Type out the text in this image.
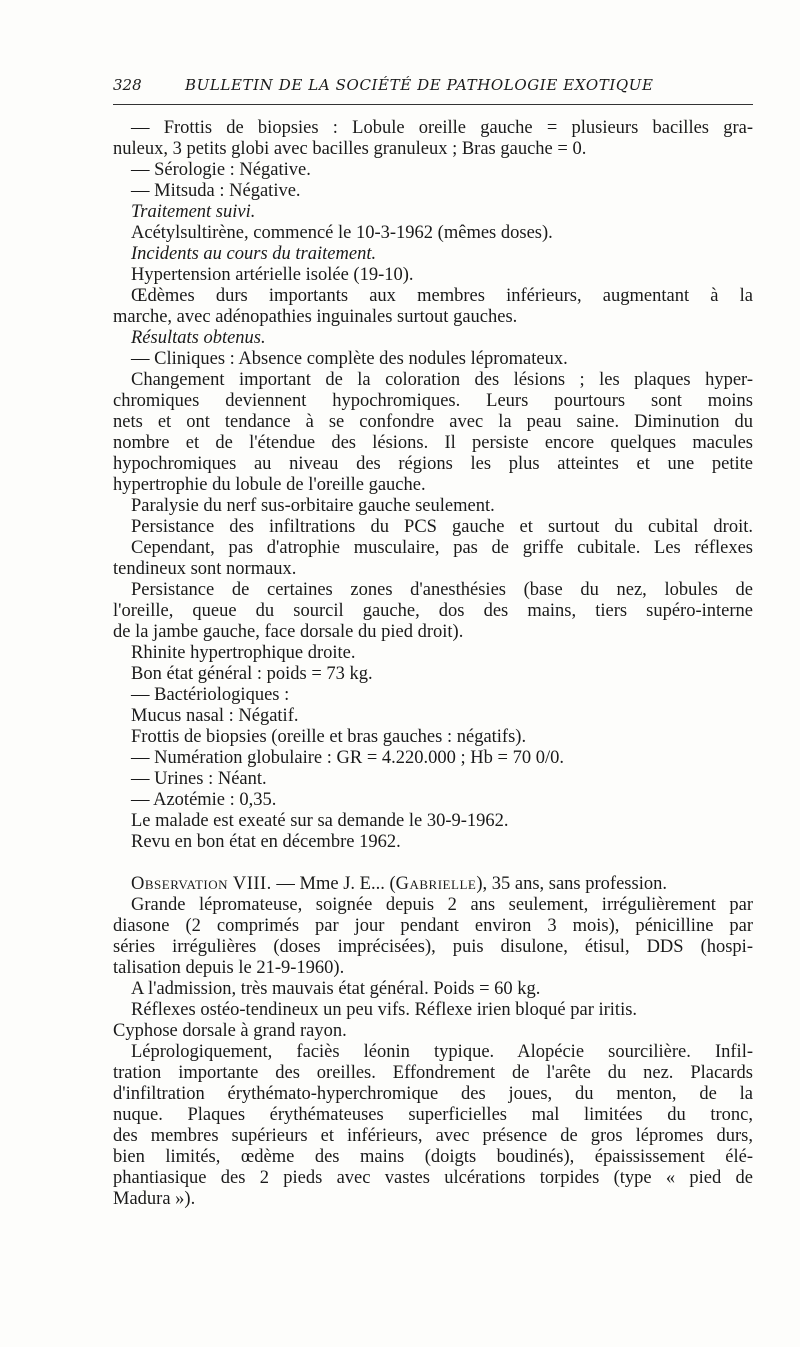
328	BULLETIN DE LA SOCIÉTÉ DE PATHOLOGIE EXOTIQUE
— Frottis de biopsies : Lobule oreille gauche = plusieurs bacilles gra-
nuleux, 3 petits globi avec bacilles granuleux ; Bras gauche = 0.
— Sérologie : Négative.
— Mitsuda : Négative.
Traitement suivi.
Acétylsultirène, commencé le 10-3-1962 (mêmes doses).
Incidents au cours du traitement.
Hypertension artérielle isolée (19-10).
Œdèmes durs importants aux membres inférieurs, augmentant à la
marche, avec adénopathies inguinales surtout gauches.
Résultats obtenus.
— Cliniques : Absence complète des nodules lépromateux.
Changement important de la coloration des lésions ; les plaques hyper-
chromiques deviennent hypochromiques. Leurs pourtours sont moins
nets et ont tendance à se confondre avec la peau saine. Diminution du
nombre et de l'étendue des lésions. Il persiste encore quelques macules
hypochromiques au niveau des régions les plus atteintes et une petite
hypertrophie du lobule de l'oreille gauche.
Paralysie du nerf sus-orbitaire gauche seulement.
Persistance des infiltrations du PCS gauche et surtout du cubital droit.
Cependant, pas d'atrophie musculaire, pas de griffe cubitale. Les réflexes
tendineux sont normaux.
Persistance de certaines zones d'anesthésies (base du nez, lobules de
l'oreille, queue du sourcil gauche, dos des mains, tiers supéro-interne
de la jambe gauche, face dorsale du pied droit).
Rhinite hypertrophique droite.
Bon état général : poids = 73 kg.
— Bactériologiques :
Mucus nasal : Négatif.
Frottis de biopsies (oreille et bras gauches : négatifs).
— Numération globulaire : GR = 4.220.000 ; Hb = 70 0/0.
— Urines : Néant.
— Azotémie : 0,35.
Le malade est exeaté sur sa demande le 30-9-1962.
Revu en bon état en décembre 1962.
Observation VIII. — Mme J. E... (Gabrielle), 35 ans, sans profession.
Grande lépromateuse, soignée depuis 2 ans seulement, irrégulièrement par
diasone (2 comprimés par jour pendant environ 3 mois), pénicilline par
séries irrégulières (doses imprécisées), puis disulone, étisul, DDS (hospi-
talisation depuis le 21-9-1960).
A l'admission, très mauvais état général. Poids = 60 kg.
Réflexes ostéo-tendineux un peu vifs. Réflexe irien bloqué par iritis.
Cyphose dorsale à grand rayon.
Léprologiquement, faciès léonin typique. Alopécie sourcilière. Infil-
tration importante des oreilles. Effondrement de l'arête du nez. Placards
d'infiltration érythémato-hyperchromique des joues, du menton, de la
nuque. Plaques érythémateuses superficielles mal limitées du tronc,
des membres supérieurs et inférieurs, avec présence de gros lépromes durs,
bien limités, œdème des mains (doigts boudinés), épaississement élé-
phantiasique des 2 pieds avec vastes ulcérations torpides (type « pied de
Madura »).
